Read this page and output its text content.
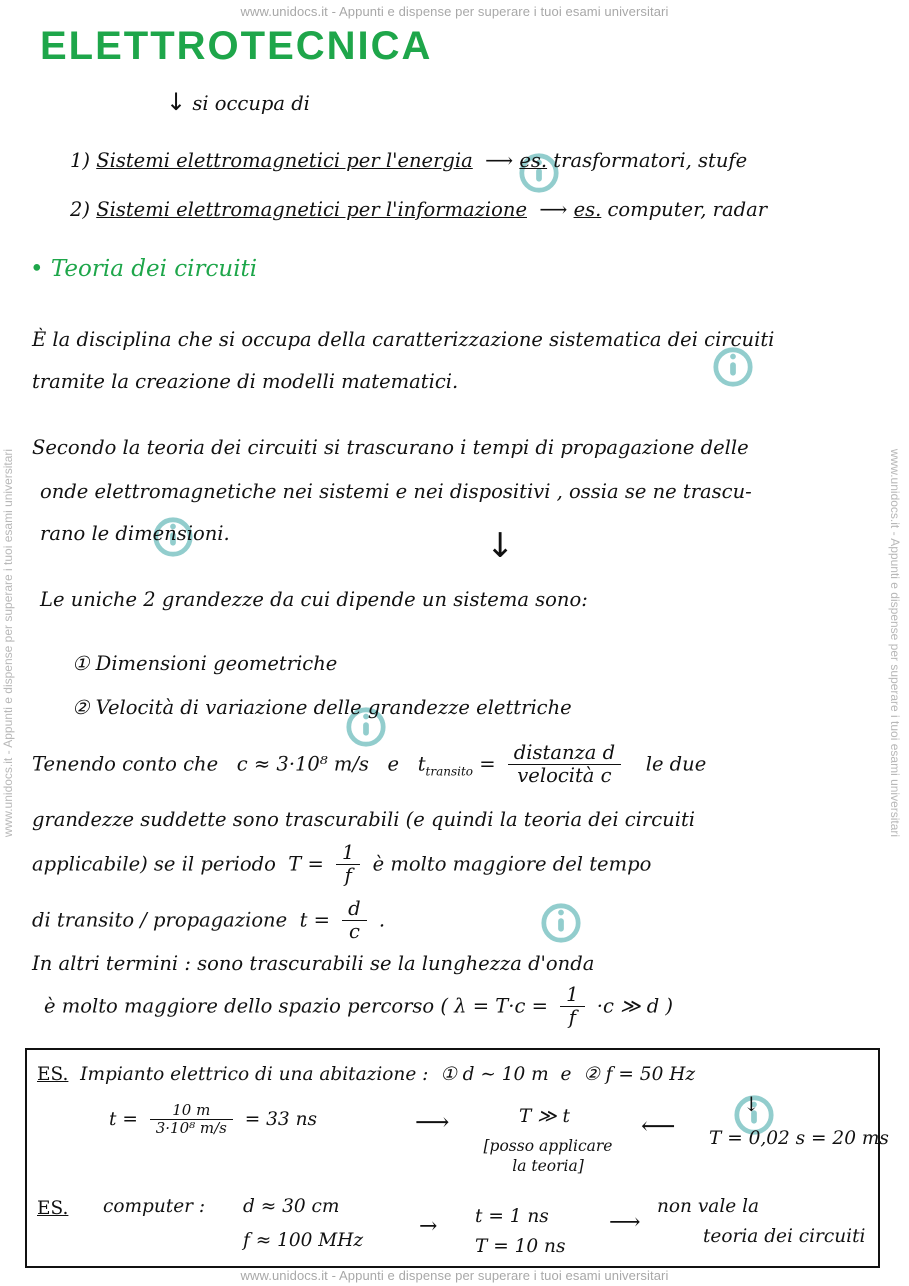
www.unidocs.it - Appunti e dispense per superare i tuoi esami universitari
www.unidocs.it - Appunti e dispense per superare i tuoi esami universitari
www.unidocs.it - Appunti e dispense per superare i tuoi esami universitari	www.unidocs.it - Appunti e dispense per superare i tuoi esami universitari
ELETTROTECNICA
↓ si occupa di
1) Sistemi elettromagnetici per l'energia ⟶ es. trasformatori, stufe
2) Sistemi elettromagnetici per l'informazione ⟶ es. computer, radar
• Teoria dei circuiti
È la disciplina che si occupa della caratterizzazione sistematica dei circuiti
tramite la creazione di modelli matematici.
Secondo la teoria dei circuiti si trascurano i tempi di propagazione delle
onde elettromagnetiche nei sistemi e nei dispositivi , ossia se ne trascu-
rano le dimensioni.	↓
Le uniche 2 grandezze da cui dipende un sistema sono:
① Dimensioni geometriche
② Velocità di variazione delle grandezze elettriche
Tenendo conto che c ≈ 3·10⁸ m/s e $t_{transito} = \frac{\text{distanza d}}{\text{velocità c}}$ le due
grandezze suddette sono trascurabili (e quindi la teoria dei circuiti
applicabile) se il periodo $T = \frac{1}{f}$ è molto maggiore del tempo
di transito / propagazione $t = \frac{d}{c}$ .
In altri termini : sono trascurabili se la lunghezza d'onda
è molto maggiore dello spazio percorso ( $\lambda = T\cdot c = \frac{1}{f} \cdot c$ ≫ d )
ES. Impianto elettrico di una abitazione : ① d ∼ 10 m e ② f = 50 Hz
$t = \frac{10 m}{\text{3·10⁸ m/s}} = 33$ ns	⟶	T ≫ t
[posso applicare
la teoria]
⟵
↓
T = 0,02 s = 20 ms
ES. computer : d ≈ 30 cm
f ≈ 100 MHz
→ t = 1 ns
T = 10 ns
⟶
non vale la
teoria dei circuiti
